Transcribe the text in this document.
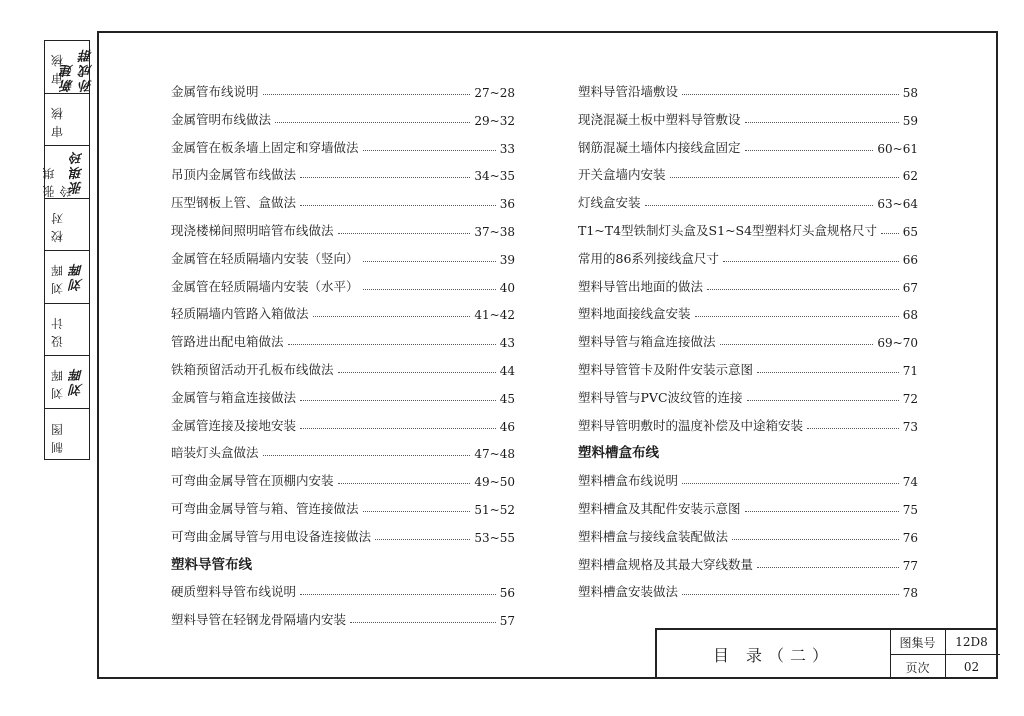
审核
新建 孙成群
审核
张琪玲
张琪玲
校对
刘晖 刘晖
设计
刘晖 刘晖
制图
金属管布线说明	27~28
金属管明布线做法	29~32
金属管在板条墙上固定和穿墙做法	33
吊顶内金属管布线做法	34~35
压型钢板上管、盒做法	36
现浇楼梯间照明暗管布线做法	37~38
金属管在轻质隔墙内安装（竖向）	39
金属管在轻质隔墙内安装（水平）	40
轻质隔墙内管路入箱做法	41~42
管路进出配电箱做法	43
铁箱预留活动开孔板布线做法	44
金属管与箱盒连接做法	45
金属管连接及接地安装	46
暗装灯头盒做法	47~48
可弯曲金属导管在顶棚内安装	49~50
可弯曲金属导管与箱、管连接做法	51~52
可弯曲金属导管与用电设备连接做法	53~55
塑料导管布线
硬质塑料导管布线说明	56
塑料导管在轻钢龙骨隔墙内安装	57
塑料导管沿墙敷设	58
现浇混凝土板中塑料导管敷设	59
钢筋混凝土墙体内接线盒固定	60~61
开关盒墙内安装	62
灯线盒安装	63~64
T1~T4型铁制灯头盒及S1~S4型塑料灯头盒规格尺寸 65
常用的86系列接线盒尺寸	66
塑料导管出地面的做法	67
塑料地面接线盒安装	68
塑料导管与箱盒连接做法	69~70
塑料导管管卡及附件安装示意图	71
塑料导管与PVC波纹管的连接	72
塑料导管明敷时的温度补偿及中途箱安装	73
塑料槽盒布线
塑料槽盒布线说明	74
塑料槽盒及其配件安装示意图	75
塑料槽盒与接线盒装配做法	76
塑料槽盒规格及其最大穿线数量	77
塑料槽盒安装做法	78
目 录（二）
图集号	12D8
页次	02
